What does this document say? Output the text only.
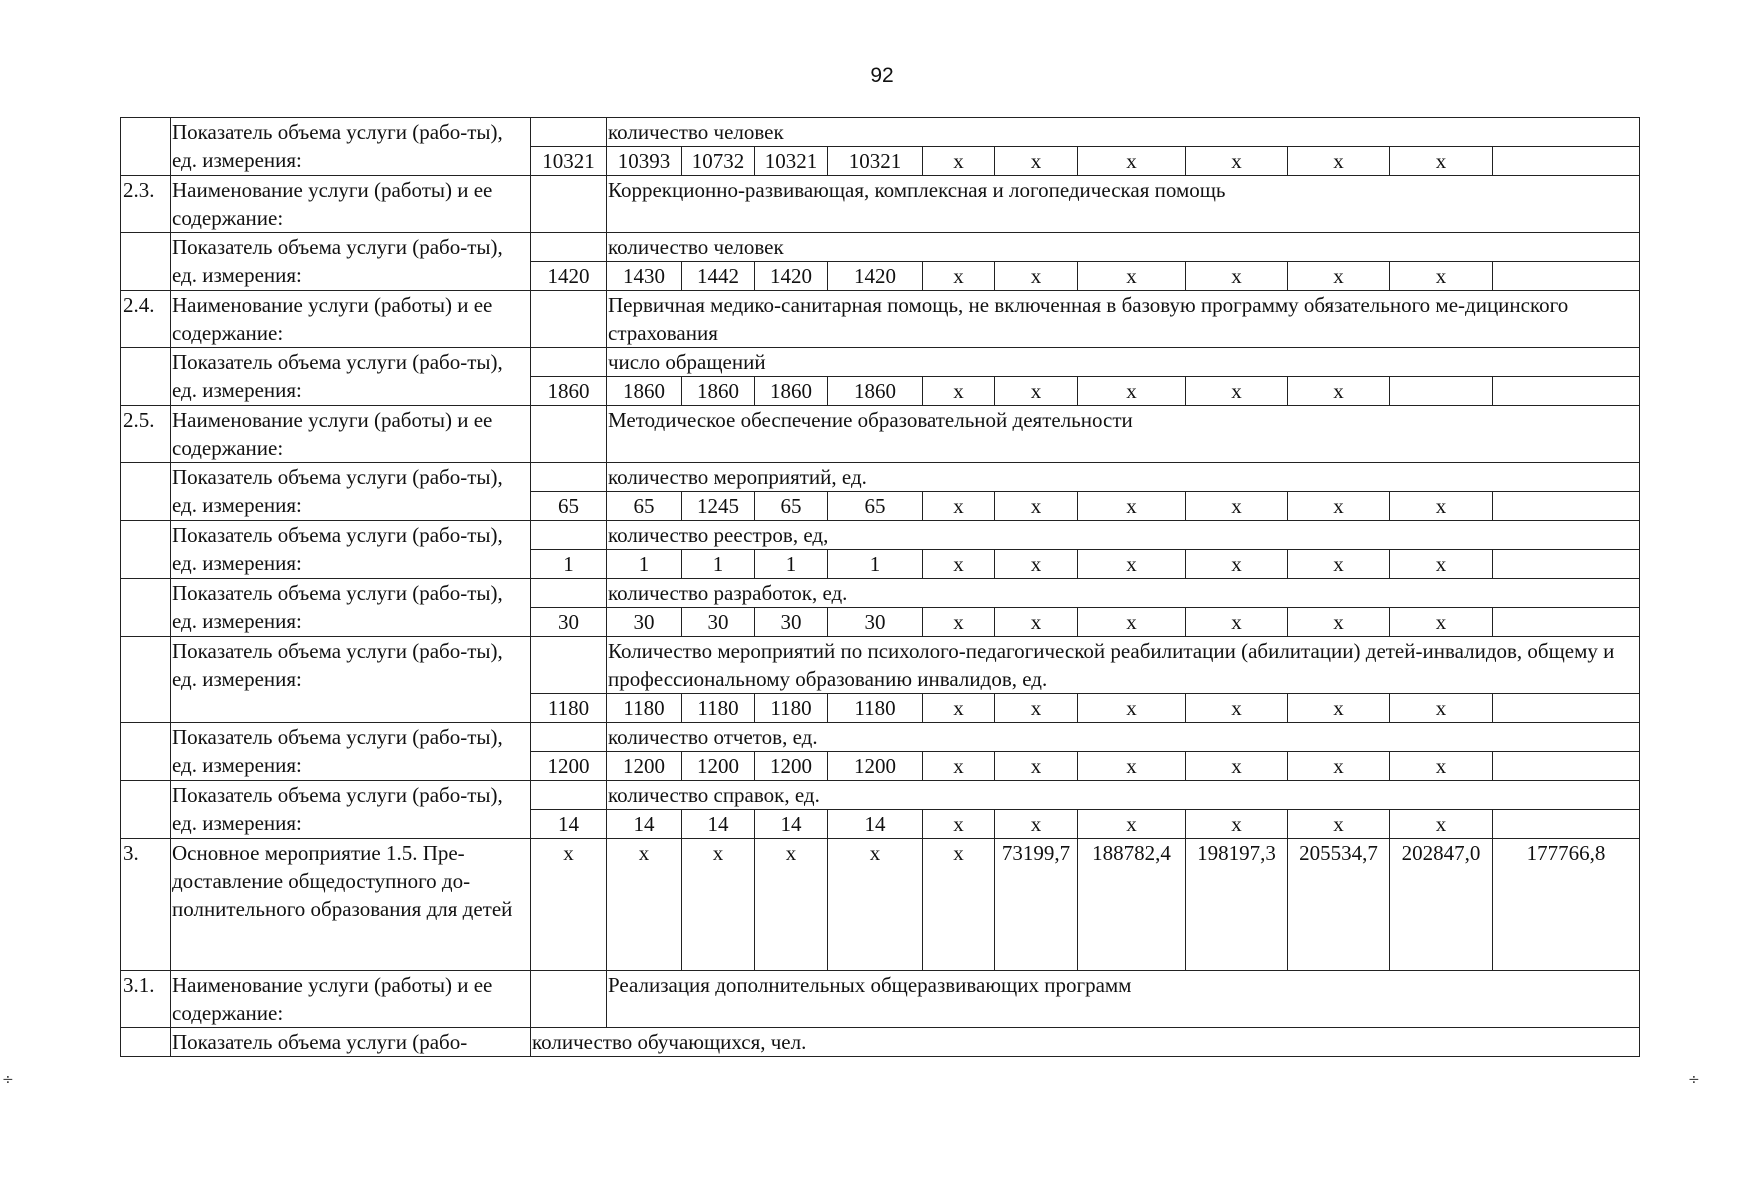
92
÷	÷
	Показатель объема услуги (рабо-ты), ед. измерения:		количество человек										
		10321	10393	10732	10321	10321	x	x	x	x	x	x	
2.3.	Наименование услуги (работы) и ее содержание:		Коррекционно-развивающая, комплексная и логопедическая помощь										
	Показатель объема услуги (рабо-ты), ед. измерения:		количество человек										
		1420	1430	1442	1420	1420	x	x	x	x	x	x	
2.4.	Наименование услуги (работы) и ее содержание:		Первичная медико-санитарная помощь, не включенная в базовую программу обязательного ме-дицинского страхования										
	Показатель объема услуги (рабо-ты), ед. измерения:		число обращений										
		1860	1860	1860	1860	1860	x	x	x	x	x		
2.5.	Наименование услуги (работы) и ее содержание:		Методическое обеспечение образовательной деятельности										
	Показатель объема услуги (рабо-ты), ед. измерения:		количество мероприятий, ед.										
		65	65	1245	65	65	x	x	x	x	x	x	
	Показатель объема услуги (рабо-ты), ед. измерения:		количество реестров, ед,										
		1	1	1	1	1	x	x	x	x	x	x	
	Показатель объема услуги (рабо-ты), ед. измерения:		количество разработок, ед.										
		30	30	30	30	30	x	x	x	x	x	x	
	Показатель объема услуги (рабо-ты), ед. измерения:		Количество мероприятий по психолого-педагогической реабилитации (абилитации) детей-инвалидов, общему и профессиональному образованию инвалидов, ед.										
		1180	1180	1180	1180	1180	x	x	x	x	x	x	
	Показатель объема услуги (рабо-ты), ед. измерения:		количество отчетов, ед.										
		1200	1200	1200	1200	1200	x	x	x	x	x	x	
	Показатель объема услуги (рабо-ты), ед. измерения:		количество справок, ед.										
		14	14	14	14	14	x	x	x	x	x	x	
3.	Основное мероприятие 1.5. Пре-доставление общедоступного до-полнительного образования для детей	x	x	x	x	x	x	73199,7	188782,4	198197,3	205534,7	202847,0	177766,8
3.1.	Наименование услуги (работы) и ее содержание:		Реализация дополнительных общеразвивающих программ										
	Показатель объема услуги (рабо-	количество обучающихся, чел.											
